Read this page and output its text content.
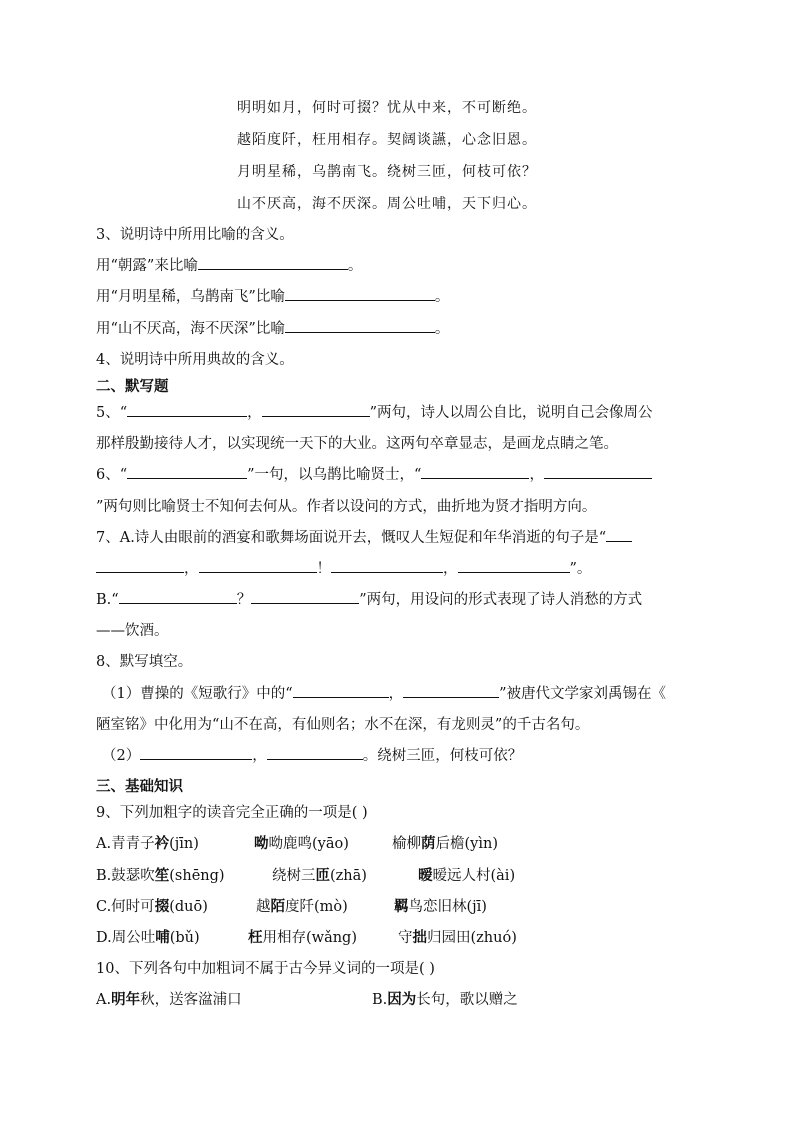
明明如月，何时可掇？忧从中来，不可断绝。
越陌度阡，枉用相存。契阔谈讌，心念旧恩。
月明星稀，乌鹊南飞。绕树三匝，何枝可依？
山不厌高，海不厌深。周公吐哺，天下归心。
3、说明诗中所用比喻的含义。
用“朝露”来比喻	。
用“月明星稀，乌鹊南飞”比喻	。
用“山不厌高，海不厌深”比喻	。
4、说明诗中所用典故的含义。
二、默写题
5、“	，	”两句，诗人以周公自比，说明自己会像周公
那样殷勤接待人才，以实现统一天下的大业。这两句卒章显志，是画龙点睛之笔。
6、“	”一句，以乌鹊比喻贤士，“	，
”两句则比喻贤士不知何去何从。作者以设问的方式，曲折地为贤才指明方向。
7、A.诗人由眼前的酒宴和歌舞场面说开去，慨叹人生短促和年华消逝的句子是“
，	！	，	”。
B.“	？	”两句，用设问的形式表现了诗人消愁的方式
——饮酒。
8、默写填空。
（1）曹操的《短歌行》中的“	，	”被唐代文学家刘禹锡在《
陋室铭》中化用为“山不在高，有仙则名；水不在深，有龙则灵”的千古名句。
（2）	，	。绕树三匝，何枝可依？
三、基础知识
9、下列加粗字的读音完全正确的一项是( )
A.青青子衿(jīn)	呦呦鹿鸣(yāo)	榆柳荫后檐(yìn)
B.鼓瑟吹笙(shēng)	绕树三匝(zhā)	暧暧远人村(ài)
C.何时可掇(duō)	越陌度阡(mò)	羁鸟恋旧林(jī)
D.周公吐哺(bǔ)	枉用相存(wǎng)	守拙归园田(zhuó)
10、下列各句中加粗词不属于古今异义词的一项是( )
A.明年秋，送客湓浦口	B.因为长句，歌以赠之
